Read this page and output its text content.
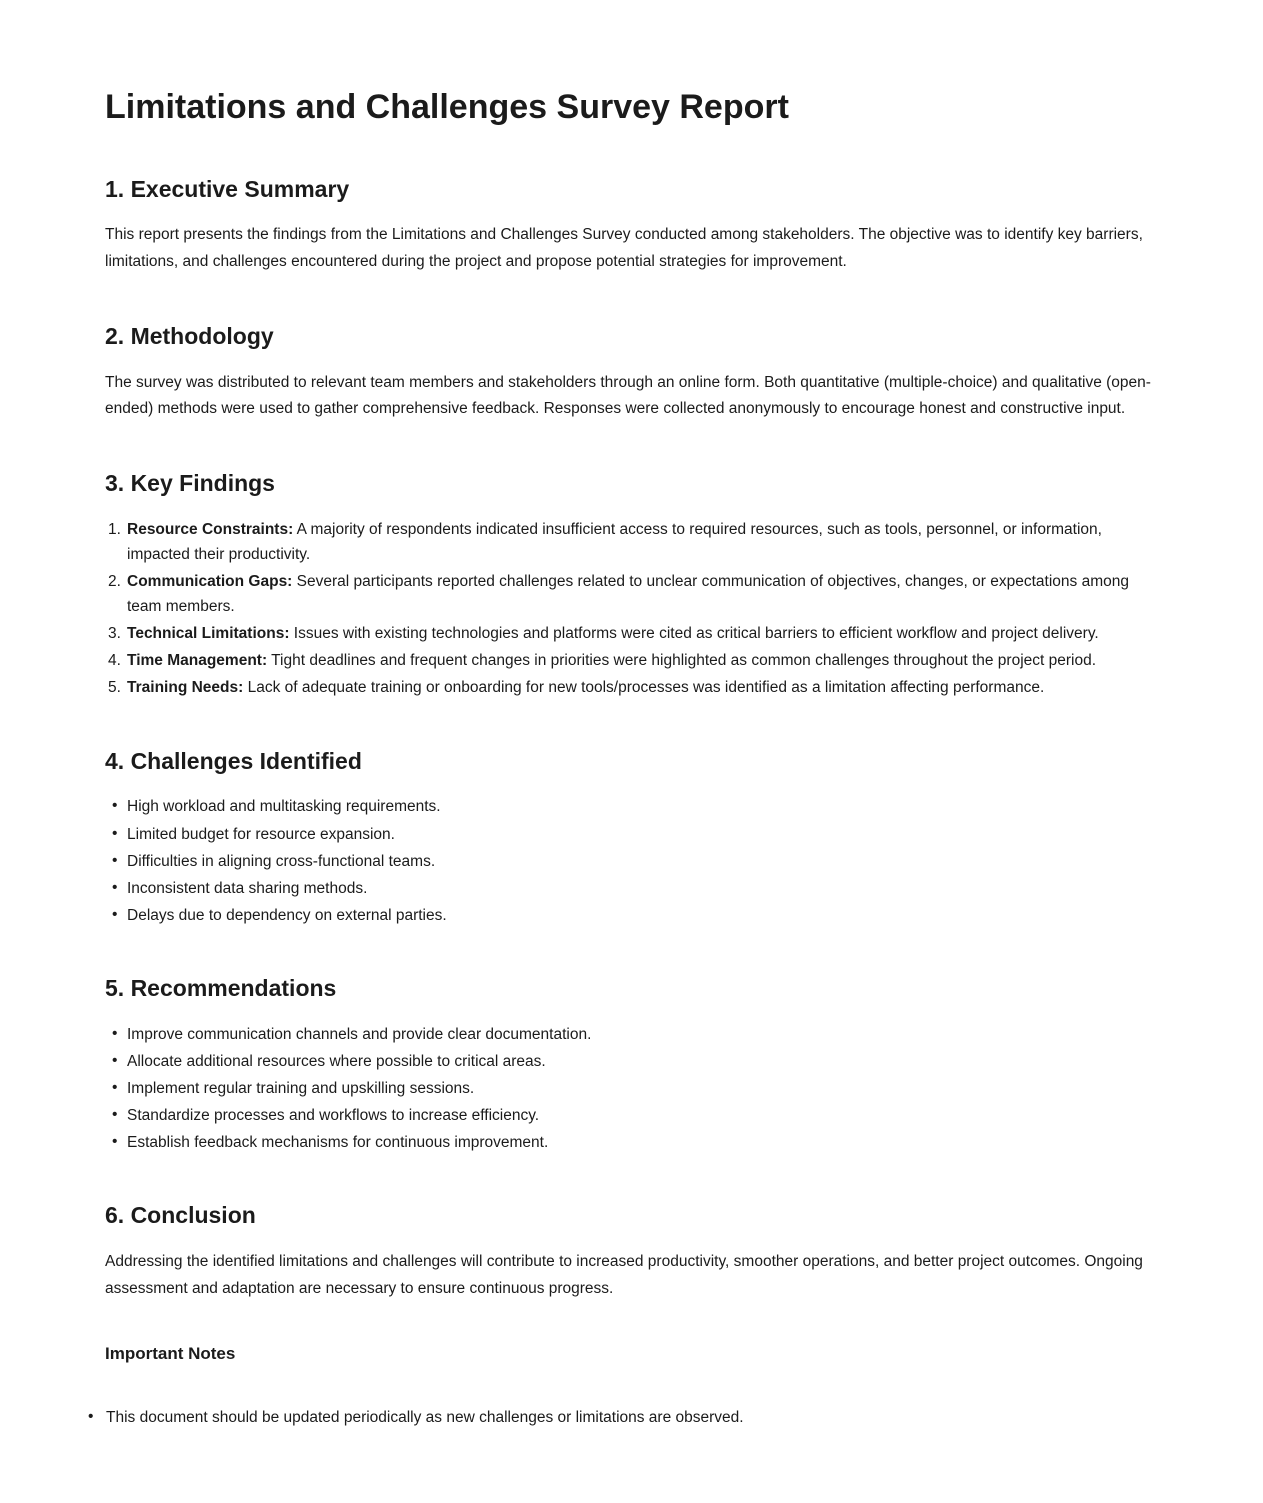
Limitations and Challenges Survey Report
1. Executive Summary

This report presents the findings from the Limitations and Challenges Survey conducted among stakeholders. The objective was to identify key barriers, limitations, and challenges encountered during the project and propose potential strategies for improvement.

2. Methodology

The survey was distributed to relevant team members and stakeholders through an online form. Both quantitative (multiple-choice) and qualitative (open-ended) methods were used to gather comprehensive feedback. Responses were collected anonymously to encourage honest and constructive input.

3. Key Findings
1. Resource Constraints: A majority of respondents indicated insufficient access to required resources, such as tools, personnel, or information, impacted their productivity.
2. Communication Gaps: Several participants reported challenges related to unclear communication of objectives, changes, or expectations among team members.
3. Technical Limitations: Issues with existing technologies and platforms were cited as critical barriers to efficient workflow and project delivery.
4. Time Management: Tight deadlines and frequent changes in priorities were highlighted as common challenges throughout the project period.
5. Training Needs: Lack of adequate training or onboarding for new tools/processes was identified as a limitation affecting performance.
4. Challenges Identified
• High workload and multitasking requirements.
• Limited budget for resource expansion.
• Difficulties in aligning cross-functional teams.
• Inconsistent data sharing methods.
• Delays due to dependency on external parties.
5. Recommendations
• Improve communication channels and provide clear documentation.
• Allocate additional resources where possible to critical areas.
• Implement regular training and upskilling sessions.
• Standardize processes and workflows to increase efficiency.
• Establish feedback mechanisms for continuous improvement.
6. Conclusion

Addressing the identified limitations and challenges will contribute to increased productivity, smoother operations, and better project outcomes. Ongoing assessment and adaptation are necessary to ensure continuous progress.

Important Notes
• This document should be updated periodically as new challenges or limitations are observed.
